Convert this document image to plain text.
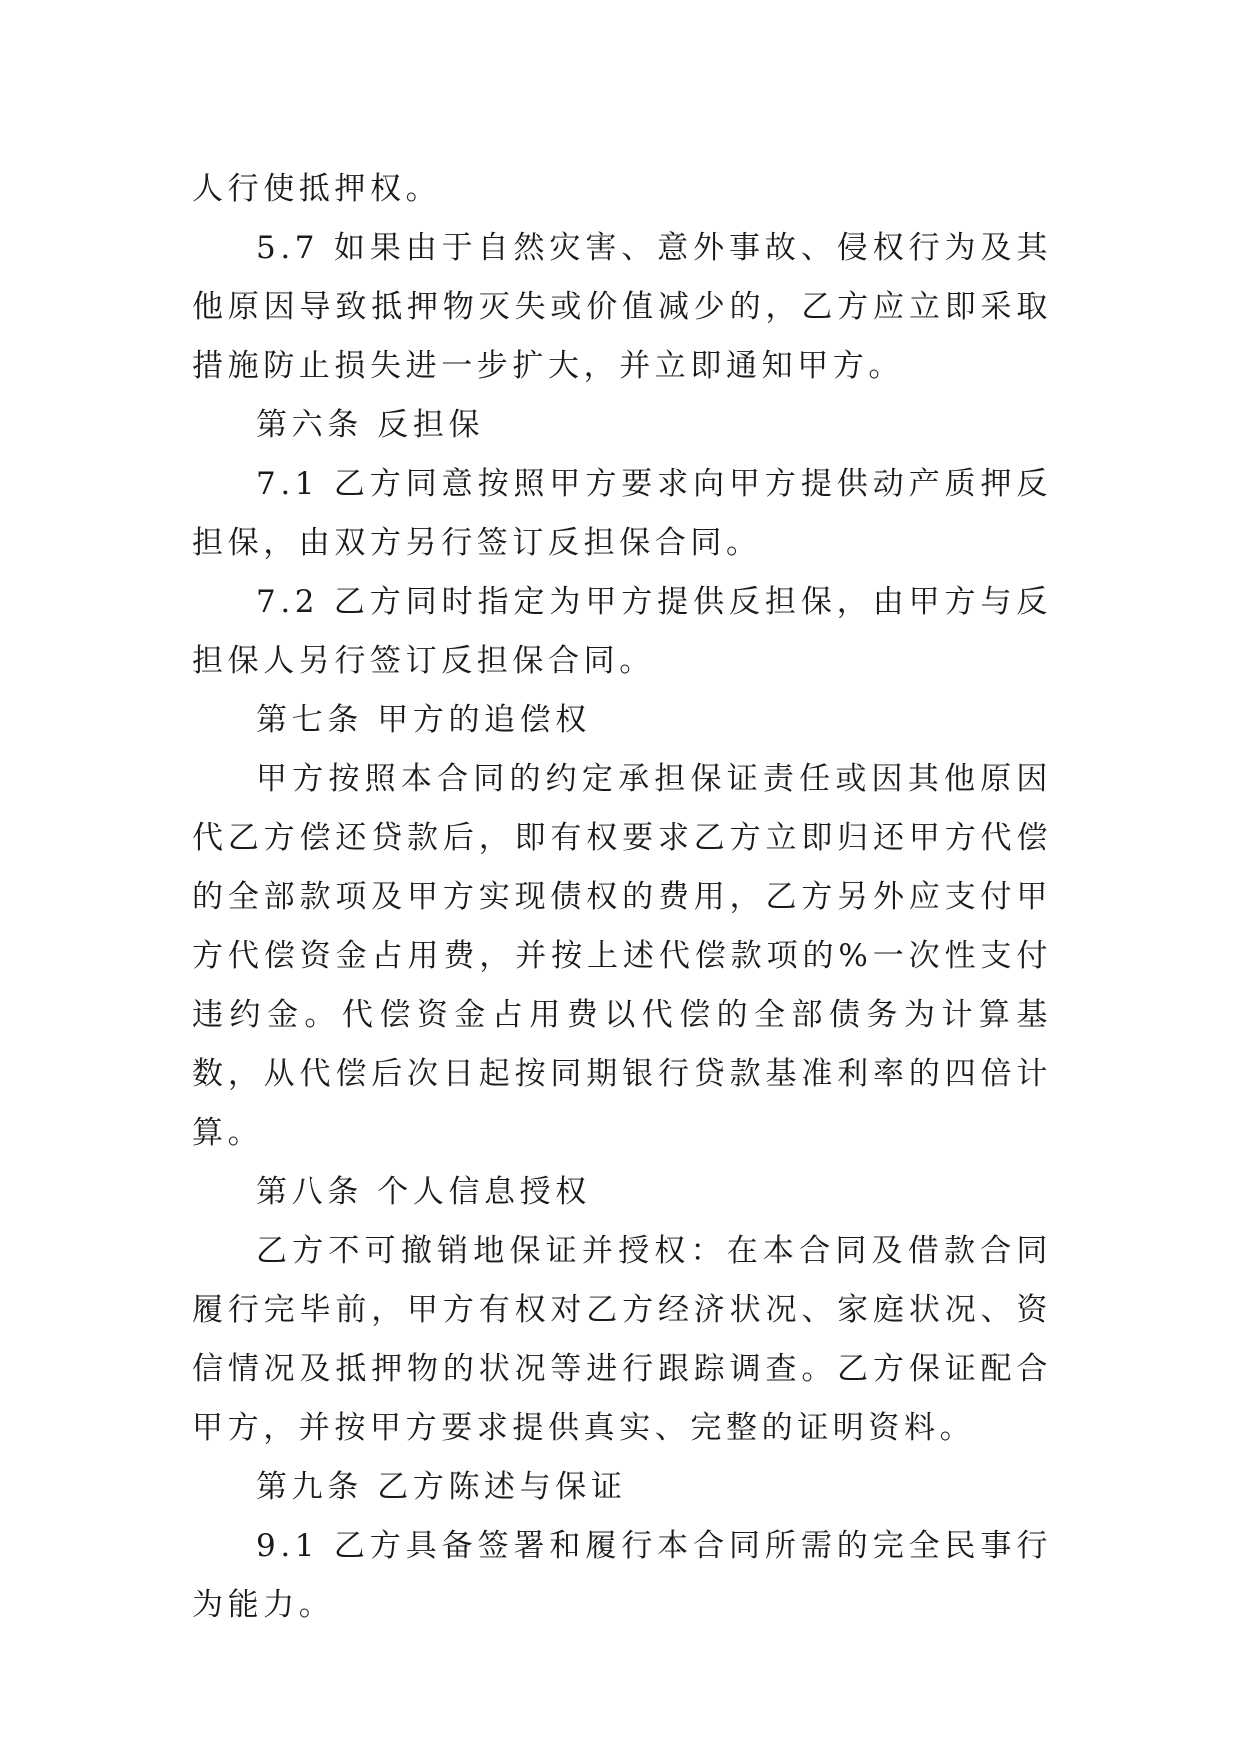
人行使抵押权。

5.7 如果由于自然灾害、意外事故、侵权行为及其他原因导致抵押物灭失或价值减少的，乙方应立即采取措施防止损失进一步扩大，并立即通知甲方。

第六条 反担保

7.1 乙方同意按照甲方要求向甲方提供动产质押反担保，由双方另行签订反担保合同。

7.2 乙方同时指定为甲方提供反担保，由甲方与反担保人另行签订反担保合同。

第七条 甲方的追偿权

甲方按照本合同的约定承担保证责任或因其他原因代乙方偿还贷款后，即有权要求乙方立即归还甲方代偿的全部款项及甲方实现债权的费用，乙方另外应支付甲方代偿资金占用费，并按上述代偿款项的%一次性支付违约金。代偿资金占用费以代偿的全部债务为计算基数，从代偿后次日起按同期银行贷款基准利率的四倍计算。

第八条 个人信息授权

乙方不可撤销地保证并授权：在本合同及借款合同履行完毕前，甲方有权对乙方经济状况、家庭状况、资信情况及抵押物的状况等进行跟踪调查。乙方保证配合甲方，并按甲方要求提供真实、完整的证明资料。

第九条 乙方陈述与保证

9.1 乙方具备签署和履行本合同所需的完全民事行为能力。
